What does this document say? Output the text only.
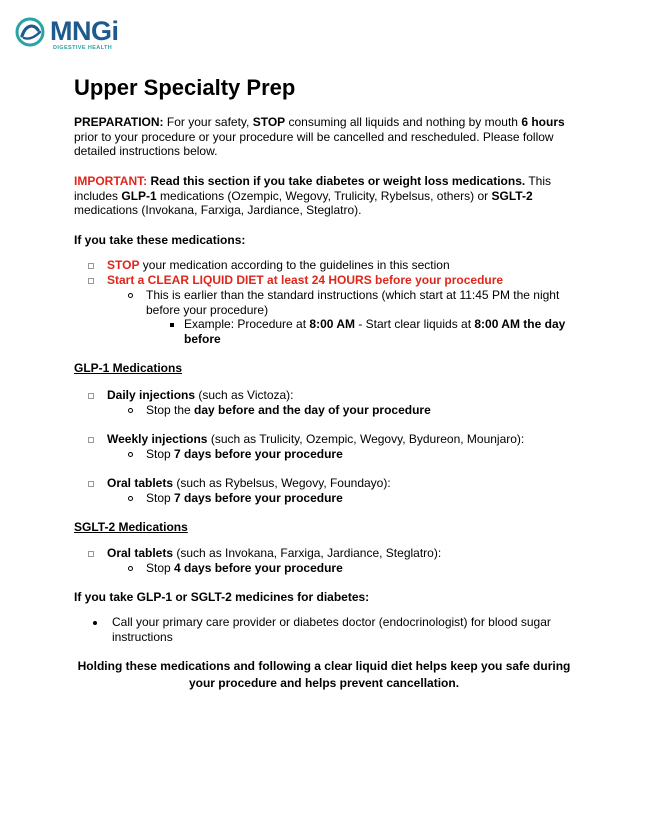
MNGi
DIGESTIVE HEALTH
Upper Specialty Prep

PREPARATION: For your safety, STOP consuming all liquids and nothing by mouth 6 hours prior to your procedure or your procedure will be cancelled and rescheduled. Please follow detailed instructions below.

IMPORTANT: Read this section if you take diabetes or weight loss medications. This includes GLP-1 medications (Ozempic, Wegovy, Trulicity, Rybelsus, others) or SGLT-2 medications (Invokana, Farxiga, Jardiance, Steglatro).

If you take these medications:

STOP your medication according to the guidelines in this section
Start a CLEAR LIQUID DIET at least 24 HOURS before your procedure
This is earlier than the standard instructions (which start at 11:45 PM the night before your procedure)
Example: Procedure at 8:00 AM - Start clear liquids at 8:00 AM the day before

GLP-1 Medications

Daily injections (such as Victoza):
Stop the day before and the day of your procedure
Weekly injections (such as Trulicity, Ozempic, Wegovy, Bydureon, Mounjaro):
Stop 7 days before your procedure
Oral tablets (such as Rybelsus, Wegovy, Foundayo):
Stop 7 days before your procedure

SGLT-2 Medications

Oral tablets (such as Invokana, Farxiga, Jardiance, Steglatro):
Stop 4 days before your procedure

If you take GLP-1 or SGLT-2 medicines for diabetes:

Call your primary care provider or diabetes doctor (endocrinologist) for blood sugar instructions
Holding these medications and following a clear liquid diet helps keep you safe during your procedure and helps prevent cancellation.
